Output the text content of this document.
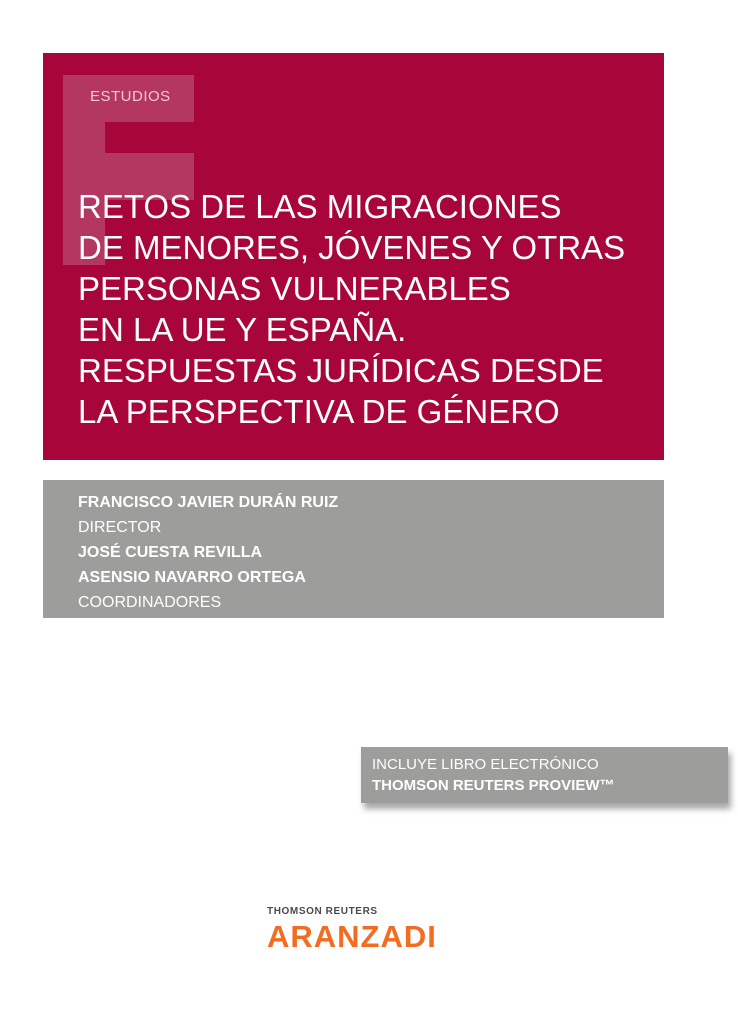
ESTUDIOS
RETOS DE LAS MIGRACIONES
DE MENORES, JÓVENES Y OTRAS
PERSONAS VULNERABLES
EN LA UE Y ESPAÑA.
RESPUESTAS JURÍDICAS DESDE
LA PERSPECTIVA DE GÉNERO
FRANCISCO JAVIER DURÁN RUIZ
DIRECTOR
JOSÉ CUESTA REVILLA
ASENSIO NAVARRO ORTEGA
COORDINADORES
INCLUYE LIBRO ELECTRÓNICO
THOMSON REUTERS PROVIEW™
THOMSON REUTERS
ARANZADI
